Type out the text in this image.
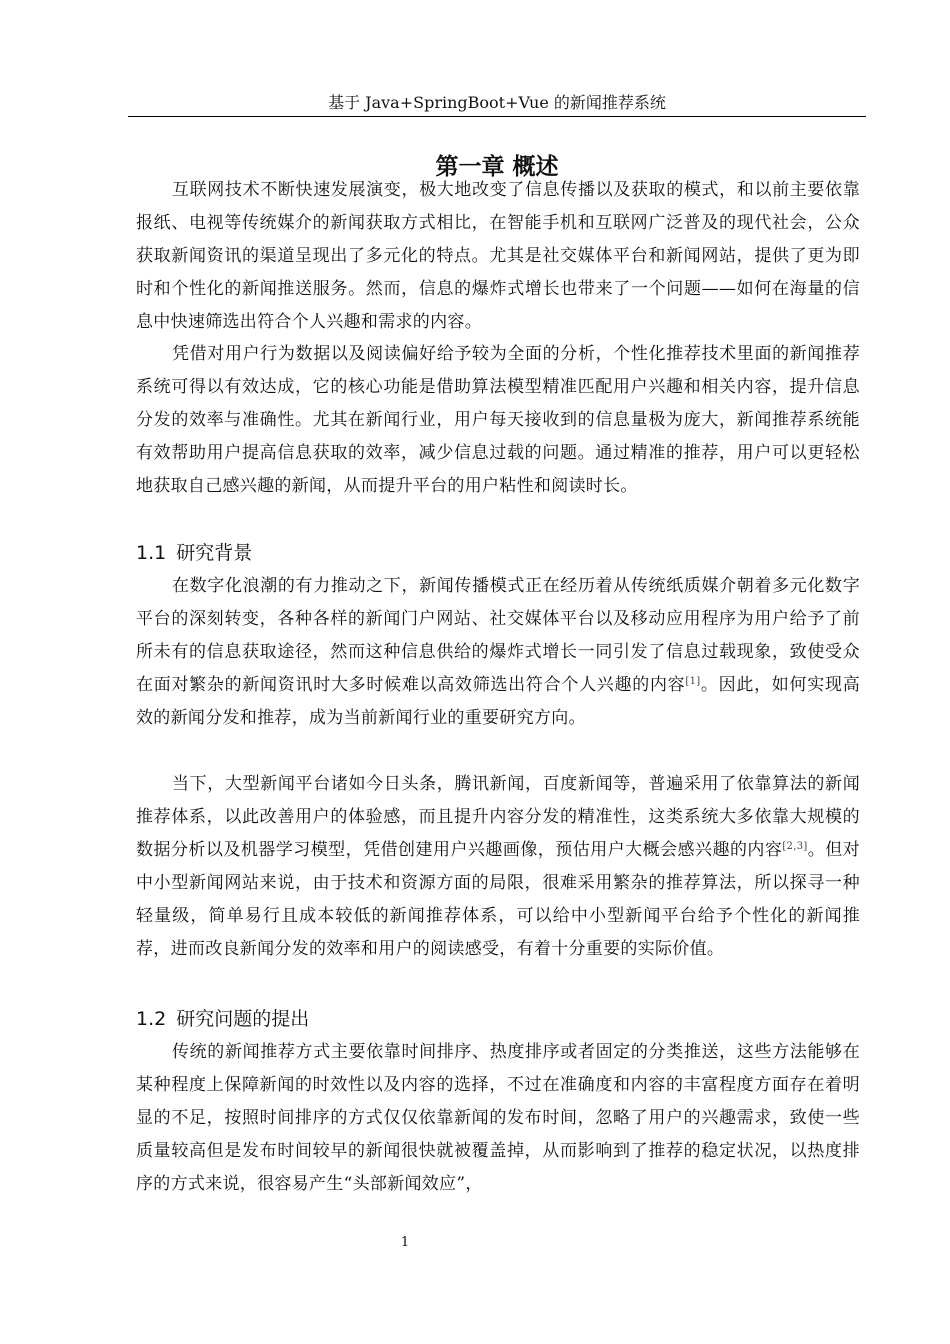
基于 Java+SpringBoot+Vue 的新闻推荐系统
第一章 概述

互联网技术不断快速发展演变，极大地改变了信息传播以及获取的模式，和以前主要依靠报纸、电视等传统媒介的新闻获取方式相比，在智能手机和互联网广泛普及的现代社会，公众获取新闻资讯的渠道呈现出了多元化的特点。尤其是社交媒体平台和新闻网站，提供了更为即时和个性化的新闻推送服务。然而，信息的爆炸式增长也带来了一个问题——如何在海量的信息中快速筛选出符合个人兴趣和需求的内容。

凭借对用户行为数据以及阅读偏好给予较为全面的分析，个性化推荐技术里面的新闻推荐系统可得以有效达成，它的核心功能是借助算法模型精准匹配用户兴趣和相关内容，提升信息分发的效率与准确性。尤其在新闻行业，用户每天接收到的信息量极为庞大，新闻推荐系统能有效帮助用户提高信息获取的效率，减少信息过载的问题。通过精准的推荐，用户可以更轻松地获取自己感兴趣的新闻，从而提升平台的用户粘性和阅读时长。

1.1 研究背景

在数字化浪潮的有力推动之下，新闻传播模式正在经历着从传统纸质媒介朝着多元化数字平台的深刻转变，各种各样的新闻门户网站、社交媒体平台以及移动应用程序为用户给予了前所未有的信息获取途径，然而这种信息供给的爆炸式增长一同引发了信息过载现象，致使受众在面对繁杂的新闻资讯时大多时候难以高效筛选出符合个人兴趣的内容[1]。因此，如何实现高效的新闻分发和推荐，成为当前新闻行业的重要研究方向。

当下，大型新闻平台诸如今日头条，腾讯新闻，百度新闻等，普遍采用了依靠算法的新闻推荐体系，以此改善用户的体验感，而且提升内容分发的精准性，这类系统大多依靠大规模的数据分析以及机器学习模型，凭借创建用户兴趣画像，预估用户大概会感兴趣的内容[2,3]。但对中小型新闻网站来说，由于技术和资源方面的局限，很难采用繁杂的推荐算法，所以探寻一种轻量级，简单易行且成本较低的新闻推荐体系，可以给中小型新闻平台给予个性化的新闻推荐，进而改良新闻分发的效率和用户的阅读感受，有着十分重要的实际价值。

1.2 研究问题的提出

传统的新闻推荐方式主要依靠时间排序、热度排序或者固定的分类推送，这些方法能够在某种程度上保障新闻的时效性以及内容的选择，不过在准确度和内容的丰富程度方面存在着明显的不足，按照时间排序的方式仅仅依靠新闻的发布时间，忽略了用户的兴趣需求，致使一些质量较高但是发布时间较早的新闻很快就被覆盖掉，从而影响到了推荐的稳定状况，以热度排序的方式来说，很容易产生“头部新闻效应”，

1
